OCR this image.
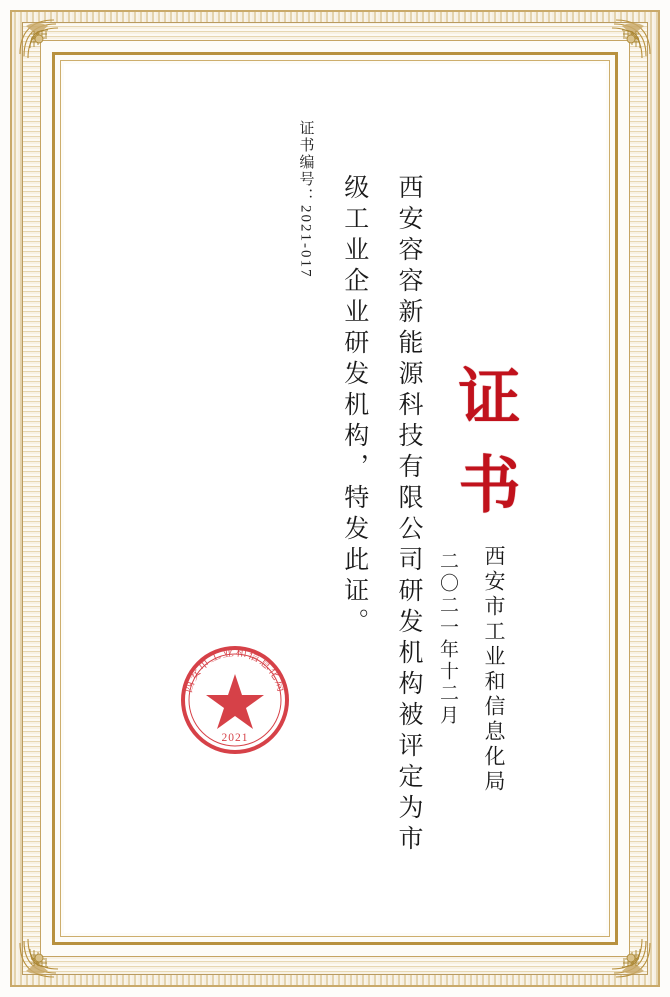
证书
西安容容新能源科技有限公司研发机构被评定为市
级工业企业研发机构，特发此证。
证书编号：2021-017
西安市工业和信息化局
二〇二一年十二月
西安市工业和信息化局
2021
